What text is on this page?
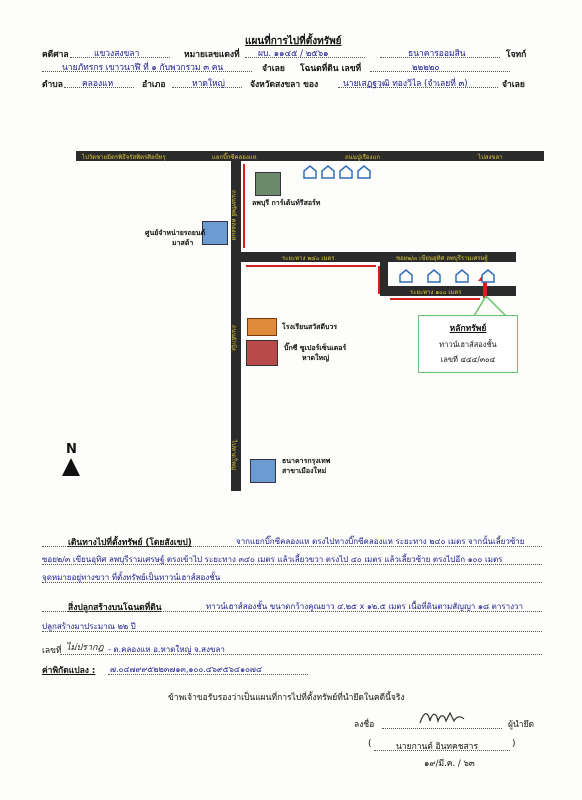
แผนที่การไปที่ตั้งทรัพย์
คดีศาล	แขวงสงขลา	หมายเลขแดงที่ ผบ. ๑๑๔๕ / ๒๕๖๑	ธนาคารออมสิน	โจทก์
นายภัทรกร เขาวนาฬี ที่ ๑ กับพวกรวม ๓ คน	จำเลย โฉนดที่ดิน เลขที่	๒๒๒๒๐
ตำบล คลองแห	อำเภอ	หาดใหญ่	จังหวัดสงขลา ของ	นายเสฏฐวุฒิ ทองวิไล (จำเลยที่ ๓)	จำเลย
ไปวัดชายมิตรพิธีจรัสพิตรศิลป์หรุ	แยกบิ๊กซีคลองแห	ถนนปู่เรืองแก	ไปสงขลา
ถนนทรัพย์ คลองแห
ไปหาดใหญ่
ถนนผักบุ้ง
ระยะทาง ๒๔๐ เมตร	ซอย๒/๓ เขียนอุทิศ ลพบุรีรามเศรษฐ์
ระยะทาง ๑๐๐ เมตร
ลพบุรี การ์เด้นท์รีสอร์ท
ศูนย์จำหน่ายรถยนต์
มาสด้า
โรงเรียนสวัสดีบวร
บิ๊กซี ซูเปอร์เซ็นเตอร์
หาดใหญ่
ธนาคารกรุงเทพ
สาขาเมืองใหม่
N
หลักทรัพย์
ทาวน์เฮาส์สองชั้น
เลขที่ ๔๔๔/๓๐๔
เดินทางไปที่ตั้งทรัพย์ (โดยสังเขป)	จากแยกบิ๊กซีคลองแห ตรงไปทางบิ๊กซีคลองแห ระยะทาง ๒๔๐ เมตร จากนั้นเลี้ยวซ้าย
ซอย๒/๓ เขียนอุทิศ ลพบุรีรามเศรษฐ์ ตรงเข้าไป ระยะทาง ๓๔๐ เมตร แล้วเลี้ยวขวา ตรงไป ๔๐ เมตร แล้วเลี้ยวซ้าย ตรงไปอีก ๑๐๐ เมตร
จุดหมายอยู่ทางขวา ที่ตั้งทรัพย์เป็นทาวน์เฮาส์สองชั้น
สิ่งปลูกสร้างบนโฉนดที่ดิน	ทาวน์เฮาส์สองชั้น ขนาดกว้างคูณยาว ๔.๒๕ x ๑๒.๕ เมตร เนื้อที่ดินตามสัญญา ๑๘ ตารางวา
ปลูกสร้างมาประมาณ ๒๒ ปี
เลขที่ ไม่ปรากฎ - ต.คลองแห อ.หาดใหญ่ จ.สงขลา
ค่าพิกัดแปลง : ๗.๐๔๗๙๙๕๒๒๓๗๑๓,๑๐๐.๔๖๙๕๖๔๑๐๗๔
ข้าพเจ้าขอรับรองว่าเป็นแผนที่การไปที่ตั้งทรัพย์ที่นำยึดในคดีนี้จริง
ลงชื่อ	ผู้นำยึด
(	นายกานต์ อินทคชสาร	)
๑๙/มี.ค. / ๖๓
